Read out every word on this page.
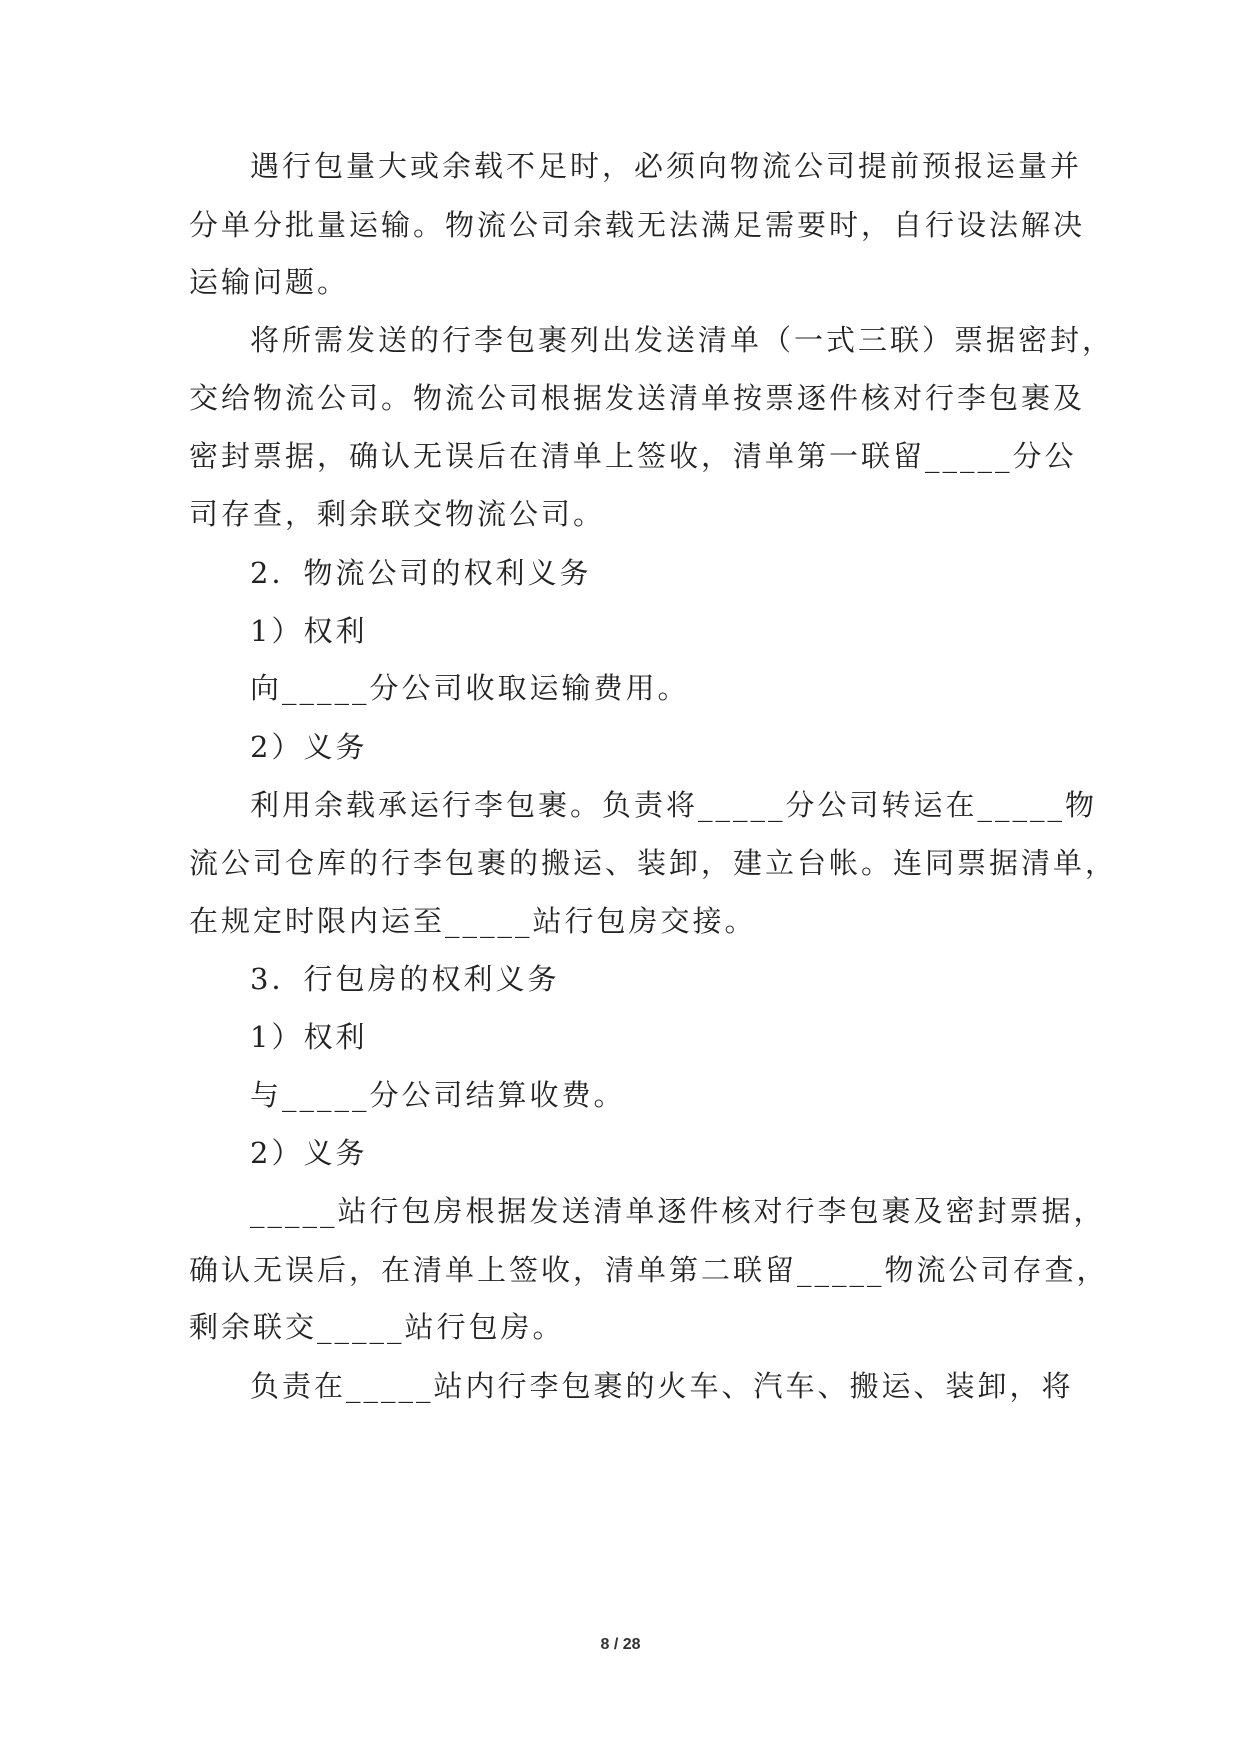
遇行包量大或余载不足时，必须向物流公司提前预报运量并

分单分批量运输。物流公司余载无法满足需要时，自行设法解决

运输问题。

将所需发送的行李包裹列出发送清单（一式三联）票据密封，

交给物流公司。物流公司根据发送清单按票逐件核对行李包裹及

密封票据，确认无误后在清单上签收，清单第一联留_____分公

司存查，剩余联交物流公司。

2．物流公司的权利义务

1）权利

向_____分公司收取运输费用。

2）义务

利用余载承运行李包裹。负责将_____分公司转运在_____物

流公司仓库的行李包裹的搬运、装卸，建立台帐。连同票据清单，

在规定时限内运至_____站行包房交接。

3．行包房的权利义务

1）权利

与_____分公司结算收费。

2）义务

_____站行包房根据发送清单逐件核对行李包裹及密封票据，

确认无误后，在清单上签收，清单第二联留_____物流公司存查，

剩余联交_____站行包房。

负责在_____站内行李包裹的火车、汽车、搬运、装卸，将

8 / 28
